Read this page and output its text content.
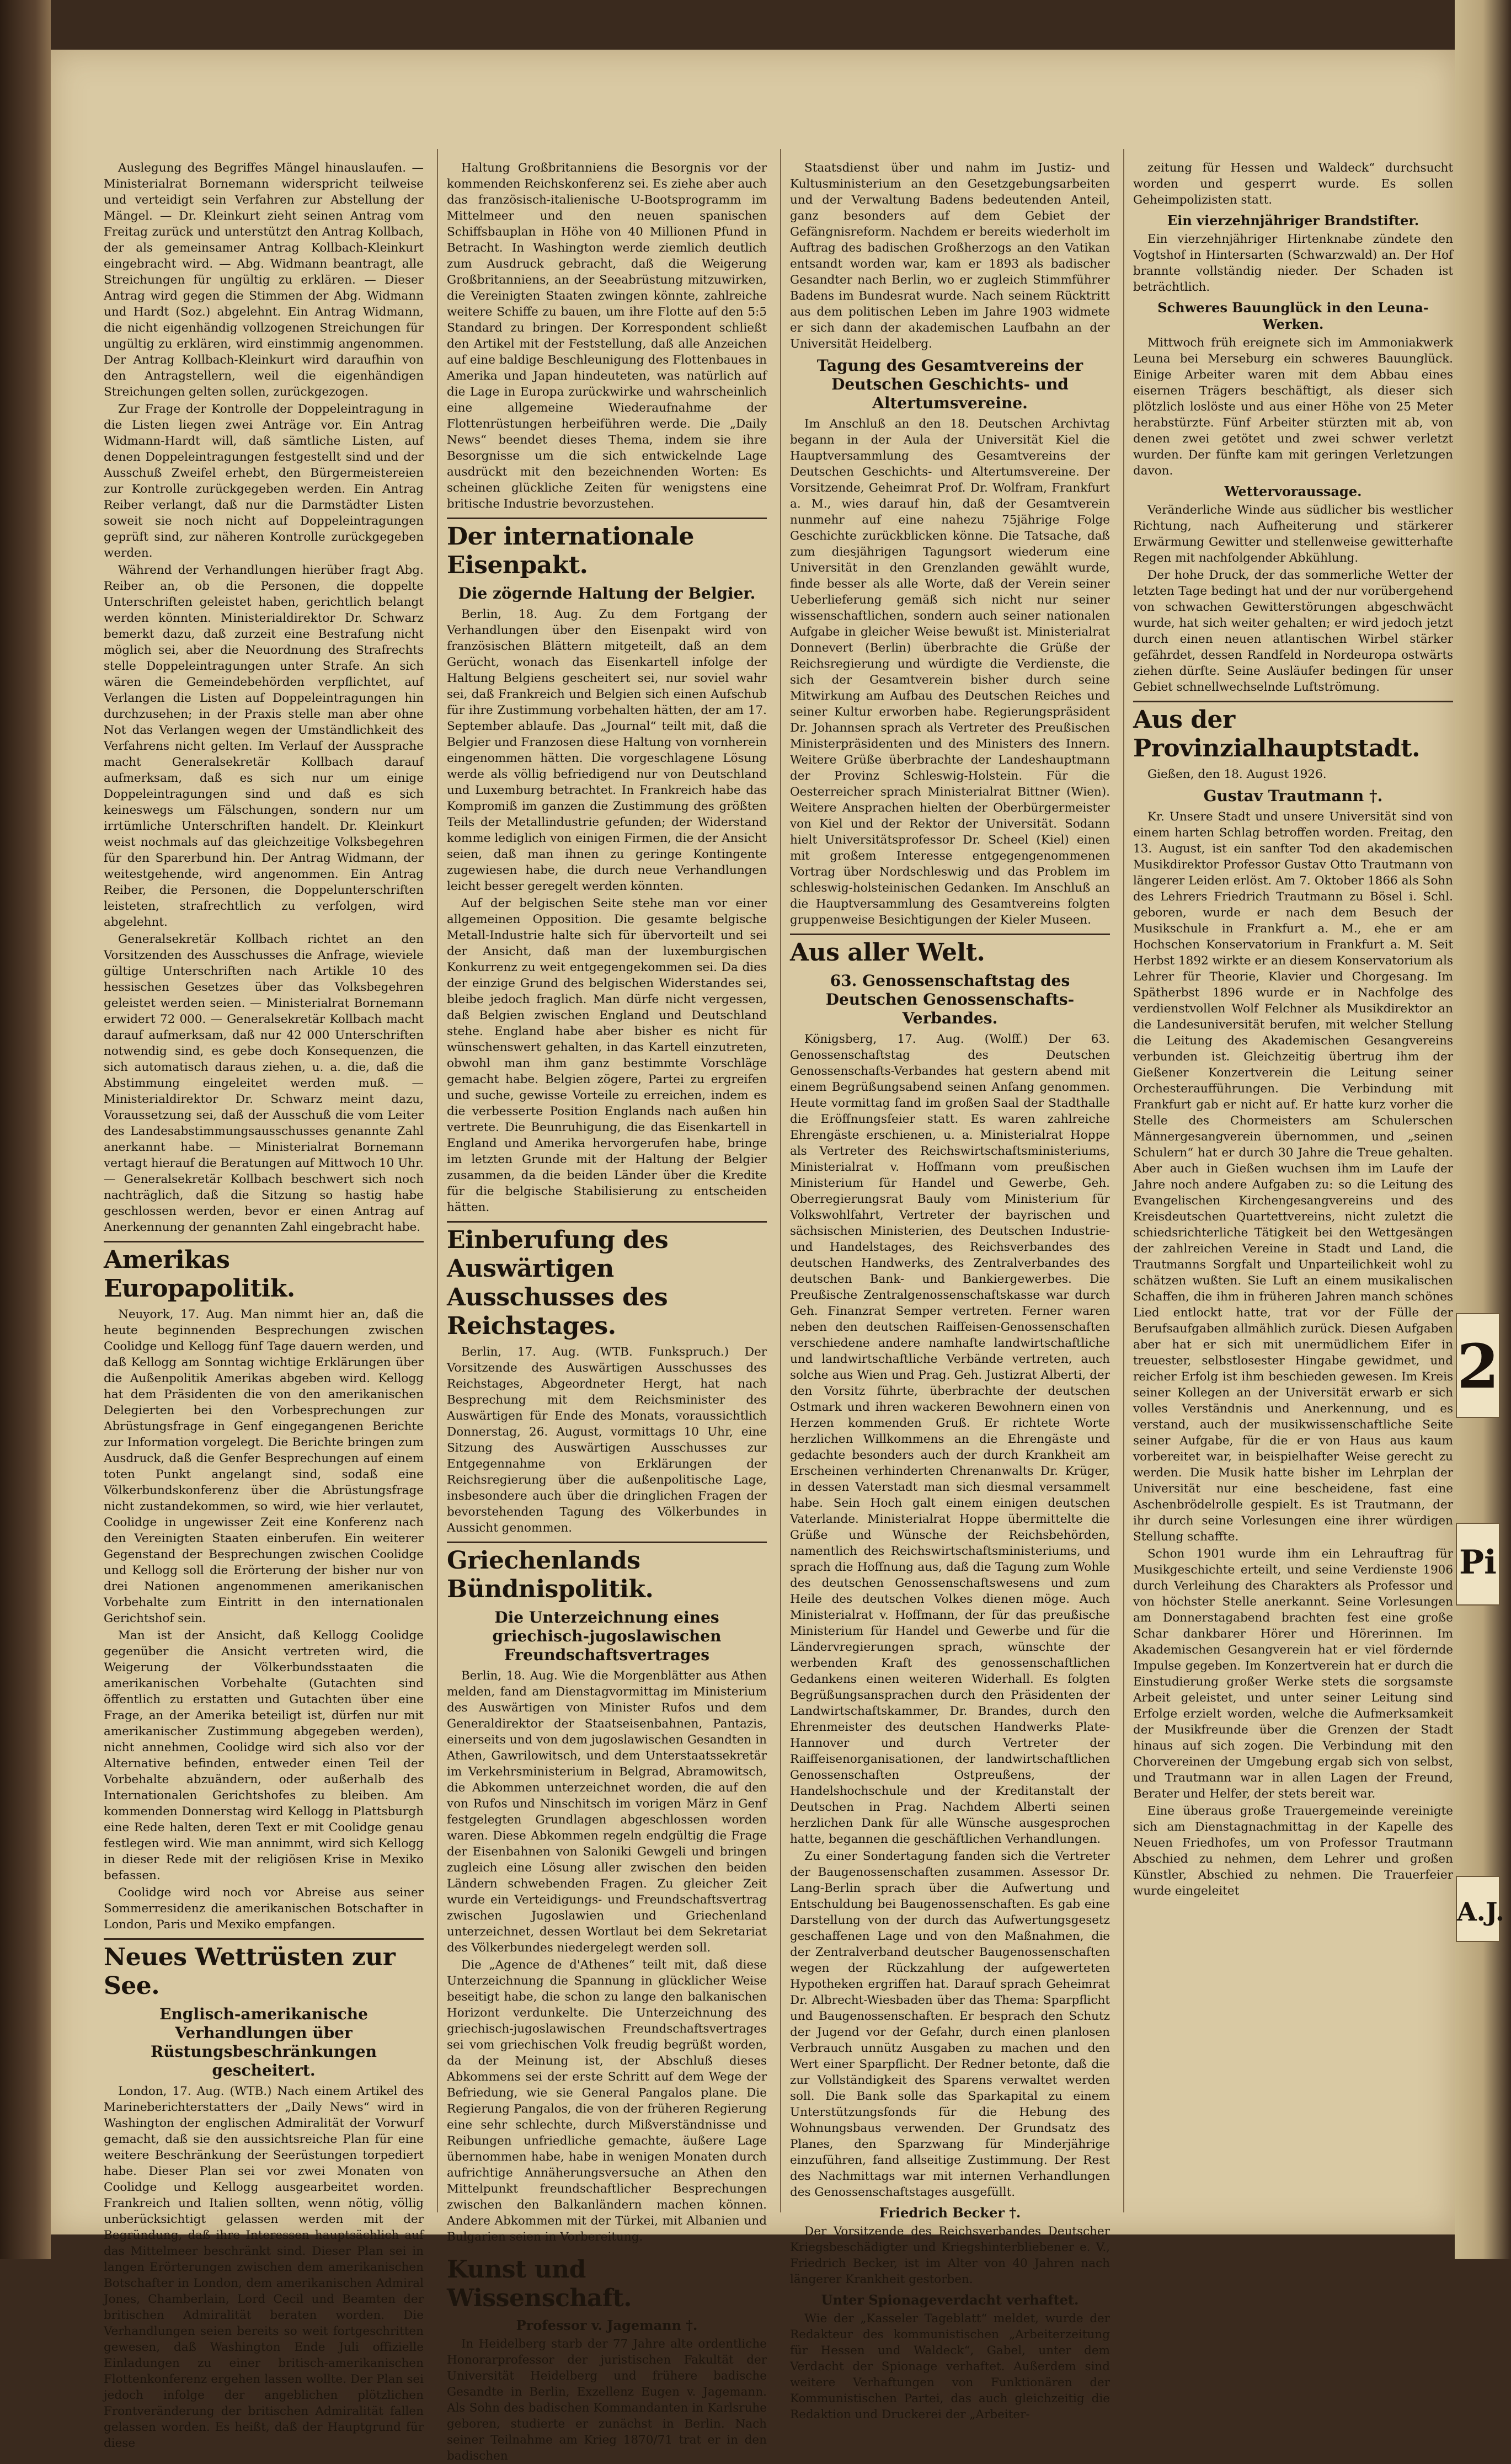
Auslegung des Begriffes Mängel hinauslaufen. — Ministerialrat Bornemann widerspricht teilweise und verteidigt sein Verfahren zur Abstellung der Mängel. — Dr. Kleinkurt zieht seinen Antrag vom Freitag zurück und unterstützt den Antrag Kollbach, der als gemeinsamer Antrag Kollbach-Kleinkurt eingebracht wird. — Abg. Widmann beantragt, alle Streichungen für ungültig zu erklären. — Dieser Antrag wird gegen die Stimmen der Abg. Widmann und Hardt (Soz.) abgelehnt. Ein Antrag Widmann, die nicht eigenhändig vollzogenen Streichungen für ungültig zu erklären, wird einstimmig angenommen. Der Antrag Kollbach-Kleinkurt wird daraufhin von den Antragstellern, weil die eigenhändigen Streichungen gelten sollen, zurückgezogen.

Zur Frage der Kontrolle der Doppeleintragung in die Listen liegen zwei Anträge vor. Ein Antrag Widmann-Hardt will, daß sämtliche Listen, auf denen Doppeleintragungen festgestellt sind und der Ausschuß Zweifel erhebt, den Bürgermeistereien zur Kontrolle zurückgegeben werden. Ein Antrag Reiber verlangt, daß nur die Darmstädter Listen soweit sie noch nicht auf Doppeleintragungen geprüft sind, zur näheren Kontrolle zurückgegeben werden.

Während der Verhandlungen hierüber fragt Abg. Reiber an, ob die Personen, die doppelte Unterschriften geleistet haben, gerichtlich belangt werden könnten. Ministerialdirektor Dr. Schwarz bemerkt dazu, daß zurzeit eine Bestrafung nicht möglich sei, aber die Neuordnung des Strafrechts stelle Doppeleintragungen unter Strafe. An sich wären die Gemeindebehörden verpflichtet, auf Verlangen die Listen auf Doppeleintragungen hin durchzusehen; in der Praxis stelle man aber ohne Not das Verlangen wegen der Umständlichkeit des Verfahrens nicht gelten. Im Verlauf der Aussprache macht Generalsekretär Kollbach darauf aufmerksam, daß es sich nur um einige Doppeleintragungen sind und daß es sich keineswegs um Fälschungen, sondern nur um irrtümliche Unterschriften handelt. Dr. Kleinkurt weist nochmals auf das gleichzeitige Volksbegehren für den Sparerbund hin. Der Antrag Widmann, der weitestgehende, wird angenommen. Ein Antrag Reiber, die Personen, die Doppelunterschriften leisteten, strafrechtlich zu verfolgen, wird abgelehnt.

Generalsekretär Kollbach richtet an den Vorsitzenden des Ausschusses die Anfrage, wieviele gültige Unterschriften nach Artikle 10 des hessischen Gesetzes über das Volksbegehren geleistet werden seien. — Ministerialrat Bornemann erwidert 72 000. — Generalsekretär Kollbach macht darauf aufmerksam, daß nur 42 000 Unterschriften notwendig sind, es gebe doch Konsequenzen, die sich automatisch daraus ziehen, u. a. die, daß die Abstimmung eingeleitet werden muß. — Ministerialdirektor Dr. Schwarz meint dazu, Voraussetzung sei, daß der Ausschuß die vom Leiter des Landesabstimmungsausschusses genannte Zahl anerkannt habe. — Ministerialrat Bornemann vertagt hierauf die Beratungen auf Mittwoch 10 Uhr. — Generalsekretär Kollbach beschwert sich noch nachträglich, daß die Sitzung so hastig habe geschlossen werden, bevor er einen Antrag auf Anerkennung der genannten Zahl eingebracht habe.

Amerikas Europapolitik.

Neuyork, 17. Aug. Man nimmt hier an, daß die heute beginnenden Besprechungen zwischen Coolidge und Kellogg fünf Tage dauern werden, und daß Kellogg am Sonntag wichtige Erklärungen über die Außenpolitik Amerikas abgeben wird. Kellogg hat dem Präsidenten die von den amerikanischen Delegierten bei den Vorbesprechungen zur Abrüstungsfrage in Genf eingegangenen Berichte zur Information vorgelegt. Die Berichte bringen zum Ausdruck, daß die Genfer Besprechungen auf einem toten Punkt angelangt sind, sodaß eine Völkerbundskonferenz über die Abrüstungsfrage nicht zustandekommen, so wird, wie hier verlautet, Coolidge in ungewisser Zeit eine Konferenz nach den Vereinigten Staaten einberufen. Ein weiterer Gegenstand der Besprechungen zwischen Coolidge und Kellogg soll die Erörterung der bisher nur von drei Nationen angenommenen amerikanischen Vorbehalte zum Eintritt in den internationalen Gerichtshof sein.

Man ist der Ansicht, daß Kellogg Coolidge gegenüber die Ansicht vertreten wird, die Weigerung der Völkerbundsstaaten die amerikanischen Vorbehalte (Gutachten sind öffentlich zu erstatten und Gutachten über eine Frage, an der Amerika beteiligt ist, dürfen nur mit amerikanischer Zustimmung abgegeben werden), nicht annehmen, Coolidge wird sich also vor der Alternative befinden, entweder einen Teil der Vorbehalte abzuändern, oder außerhalb des Internationalen Gerichtshofes zu bleiben. Am kommenden Donnerstag wird Kellogg in Plattsburgh eine Rede halten, deren Text er mit Coolidge genau festlegen wird. Wie man annimmt, wird sich Kellogg in dieser Rede mit der religiösen Krise in Mexiko befassen.

Coolidge wird noch vor Abreise aus seiner Sommerresidenz die amerikanischen Botschafter in London, Paris und Mexiko empfangen.

Neues Wettrüsten zur See.
Englisch-amerikanische Verhandlungen über Rüstungsbeschränkungen gescheitert.

London, 17. Aug. (WTB.) Nach einem Artikel des Marineberichterstatters der „Daily News“ wird in Washington der englischen Admiralität der Vorwurf gemacht, daß sie den aussichtsreiche Plan für eine weitere Beschränkung der Seerüstungen torpediert habe. Dieser Plan sei vor zwei Monaten von Coolidge und Kellogg ausgearbeitet worden. Frankreich und Italien sollten, wenn nötig, völlig unberücksichtigt gelassen werden mit der Begründung, daß ihre Interessen hauptsächlich auf das Mittelmeer beschränkt sind. Dieser Plan sei in langen Erörterungen zwischen dem amerikanischen Botschafter in London, dem amerikanischen Admiral Jones, Chamberlain, Lord Cecil und Beamten der britischen Admiralität beraten worden. Die Verhandlungen seien bereits so weit fortgeschritten gewesen, daß Washington Ende Juli offizielle Einladungen zu einer britisch-amerikanischen Flottenkonferenz ergehen lassen wollte. Der Plan sei jedoch infolge der angeblichen plötzlichen Frontveränderung der britischen Admiralität fallen gelassen worden. Es heißt, daß der Hauptgrund für diese

Haltung Großbritanniens die Besorgnis vor der kommenden Reichskonferenz sei. Es ziehe aber auch das französisch-italienische U-Bootsprogramm im Mittelmeer und den neuen spanischen Schiffsbauplan in Höhe von 40 Millionen Pfund in Betracht. In Washington werde ziemlich deutlich zum Ausdruck gebracht, daß die Weigerung Großbritanniens, an der Seeabrüstung mitzuwirken, die Vereinigten Staaten zwingen könnte, zahlreiche weitere Schiffe zu bauen, um ihre Flotte auf den 5:5 Standard zu bringen. Der Korrespondent schließt den Artikel mit der Feststellung, daß alle Anzeichen auf eine baldige Beschleunigung des Flottenbaues in Amerika und Japan hindeuteten, was natürlich auf die Lage in Europa zurückwirke und wahrscheinlich eine allgemeine Wiederaufnahme der Flottenrüstungen herbeiführen werde. Die „Daily News“ beendet dieses Thema, indem sie ihre Besorgnisse um die sich entwickelnde Lage ausdrückt mit den bezeichnenden Worten: Es scheinen glückliche Zeiten für wenigstens eine britische Industrie bevorzustehen.

Der internationale Eisenpakt.
Die zögernde Haltung der Belgier.

Berlin, 18. Aug. Zu dem Fortgang der Verhandlungen über den Eisenpakt wird von französischen Blättern mitgeteilt, daß an dem Gerücht, wonach das Eisenkartell infolge der Haltung Belgiens gescheitert sei, nur soviel wahr sei, daß Frankreich und Belgien sich einen Aufschub für ihre Zustimmung vorbehalten hätten, der am 17. September ablaufe. Das „Journal“ teilt mit, daß die Belgier und Franzosen diese Haltung von vornherein eingenommen hätten. Die vorgeschlagene Lösung werde als völlig befriedigend nur von Deutschland und Luxemburg betrachtet. In Frankreich habe das Kompromiß im ganzen die Zustimmung des größten Teils der Metallindustrie gefunden; der Widerstand komme lediglich von einigen Firmen, die der Ansicht seien, daß man ihnen zu geringe Kontingente zugewiesen habe, die durch neue Verhandlungen leicht besser geregelt werden könnten.

Auf der belgischen Seite stehe man vor einer allgemeinen Opposition. Die gesamte belgische Metall-Industrie halte sich für übervorteilt und sei der Ansicht, daß man der luxemburgischen Konkurrenz zu weit entgegengekommen sei. Da dies der einzige Grund des belgischen Widerstandes sei, bleibe jedoch fraglich. Man dürfe nicht vergessen, daß Belgien zwischen England und Deutschland stehe. England habe aber bisher es nicht für wünschenswert gehalten, in das Kartell einzutreten, obwohl man ihm ganz bestimmte Vorschläge gemacht habe. Belgien zögere, Partei zu ergreifen und suche, gewisse Vorteile zu erreichen, indem es die verbesserte Position Englands nach außen hin vertrete. Die Beunruhigung, die das Eisenkartell in England und Amerika hervorgerufen habe, bringe im letzten Grunde mit der Haltung der Belgier zusammen, da die beiden Länder über die Kredite für die belgische Stabilisierung zu entscheiden hätten.

Einberufung des Auswärtigen Ausschusses des Reichstages.

Berlin, 17. Aug. (WTB. Funkspruch.) Der Vorsitzende des Auswärtigen Ausschusses des Reichstages, Abgeordneter Hergt, hat nach Besprechung mit dem Reichsminister des Auswärtigen für Ende des Monats, voraussichtlich Donnerstag, 26. August, vormittags 10 Uhr, eine Sitzung des Auswärtigen Ausschusses zur Entgegennahme von Erklärungen der Reichsregierung über die außenpolitische Lage, insbesondere auch über die dringlichen Fragen der bevorstehenden Tagung des Völkerbundes in Aussicht genommen.

Griechenlands Bündnispolitik.
Die Unterzeichnung eines griechisch-jugoslawischen Freundschaftsvertrages

Berlin, 18. Aug. Wie die Morgenblätter aus Athen melden, fand am Dienstagvormittag im Ministerium des Auswärtigen von Minister Rufos und dem Generaldirektor der Staatseisenbahnen, Pantazis, einerseits und von dem jugoslawischen Gesandten in Athen, Gawrilowitsch, und dem Unterstaatssekretär im Verkehrsministerium in Belgrad, Abramowitsch, die Abkommen unterzeichnet worden, die auf den von Rufos und Ninschitsch im vorigen März in Genf festgelegten Grundlagen abgeschlossen worden waren. Diese Abkommen regeln endgültig die Frage der Eisenbahnen von Saloniki Gewgeli und bringen zugleich eine Lösung aller zwischen den beiden Ländern schwebenden Fragen. Zu gleicher Zeit wurde ein Verteidigungs- und Freundschaftsvertrag zwischen Jugoslawien und Griechenland unterzeichnet, dessen Wortlaut bei dem Sekretariat des Völkerbundes niedergelegt werden soll.

Die „Agence de d'Athenes“ teilt mit, daß diese Unterzeichnung die Spannung in glücklicher Weise beseitigt habe, die schon zu lange den balkanischen Horizont verdunkelte. Die Unterzeichnung des griechisch-jugoslawischen Freundschaftsvertrages sei vom griechischen Volk freudig begrüßt worden, da der Meinung ist, der Abschluß dieses Abkommens sei der erste Schritt auf dem Wege der Befriedung, wie sie General Pangalos plane. Die Regierung Pangalos, die von der früheren Regierung eine sehr schlechte, durch Mißverständnisse und Reibungen unfriedliche gemachte, äußere Lage übernommen habe, habe in wenigen Monaten durch aufrichtige Annäherungsversuche an Athen den Mittelpunkt freundschaftlicher Besprechungen zwischen den Balkanländern machen können. Andere Abkommen mit der Türkei, mit Albanien und Bulgarien seien in Vorbereitung.

Kunst und Wissenschaft.
Professor v. Jagemann †.

In Heidelberg starb der 77 Jahre alte ordentliche Honorarprofessor der juristischen Fakultät der Universität Heidelberg und frühere badische Gesandte in Berlin, Exzellenz Eugen v. Jagemann. Als Sohn des badischen Kommandanten in Karlsruhe geboren, studierte er zunächst in Berlin. Nach seiner Teilnahme am Krieg 1870/71 trat er in den badischen

Staatsdienst über und nahm im Justiz- und Kultusministerium an den Gesetzgebungsarbeiten und der Verwaltung Badens bedeutenden Anteil, ganz besonders auf dem Gebiet der Gefängnisreform. Nachdem er bereits wiederholt im Auftrag des badischen Großherzogs an den Vatikan entsandt worden war, kam er 1893 als badischer Gesandter nach Berlin, wo er zugleich Stimmführer Badens im Bundesrat wurde. Nach seinem Rücktritt aus dem politischen Leben im Jahre 1903 widmete er sich dann der akademischen Laufbahn an der Universität Heidelberg.

Tagung des Gesamtvereins der Deutschen Geschichts- und Altertumsvereine.

Im Anschluß an den 18. Deutschen Archivtag begann in der Aula der Universität Kiel die Hauptversammlung des Gesamtvereins der Deutschen Geschichts- und Altertumsvereine. Der Vorsitzende, Geheimrat Prof. Dr. Wolfram, Frankfurt a. M., wies darauf hin, daß der Gesamtverein nunmehr auf eine nahezu 75jährige Folge Geschichte zurückblicken könne. Die Tatsache, daß zum diesjährigen Tagungsort wiederum eine Universität in den Grenzlanden gewählt wurde, finde besser als alle Worte, daß der Verein seiner Ueberlieferung gemäß sich nicht nur seiner wissenschaftlichen, sondern auch seiner nationalen Aufgabe in gleicher Weise bewußt ist. Ministerialrat Donnevert (Berlin) überbrachte die Grüße der Reichsregierung und würdigte die Verdienste, die sich der Gesamtverein bisher durch seine Mitwirkung am Aufbau des Deutschen Reiches und seiner Kultur erworben habe. Regierungspräsident Dr. Johannsen sprach als Vertreter des Preußischen Ministerpräsidenten und des Ministers des Innern. Weitere Grüße überbrachte der Landeshauptmann der Provinz Schleswig-Holstein. Für die Oesterreicher sprach Ministerialrat Bittner (Wien). Weitere Ansprachen hielten der Oberbürgermeister von Kiel und der Rektor der Universität. Sodann hielt Universitätsprofessor Dr. Scheel (Kiel) einen mit großem Interesse entgegengenommenen Vortrag über Nordschleswig und das Problem im schleswig-holsteinischen Gedanken. Im Anschluß an die Hauptversammlung des Gesamtvereins folgten gruppenweise Besichtigungen der Kieler Museen.

Aus aller Welt.
63. Genossenschaftstag des Deutschen Genossenschafts-Verbandes.

Königsberg, 17. Aug. (Wolff.) Der 63. Genossenschaftstag des Deutschen Genossenschafts-Verbandes hat gestern abend mit einem Begrüßungsabend seinen Anfang genommen. Heute vormittag fand im großen Saal der Stadthalle die Eröffnungsfeier statt. Es waren zahlreiche Ehrengäste erschienen, u. a. Ministerialrat Hoppe als Vertreter des Reichswirtschaftsministeriums, Ministerialrat v. Hoffmann vom preußischen Ministerium für Handel und Gewerbe, Geh. Oberregierungsrat Bauly vom Ministerium für Volkswohlfahrt, Vertreter der bayrischen und sächsischen Ministerien, des Deutschen Industrie- und Handelstages, des Reichsverbandes des deutschen Handwerks, des Zentralverbandes des deutschen Bank- und Bankiergewerbes. Die Preußische Zentralgenossenschaftskasse war durch Geh. Finanzrat Semper vertreten. Ferner waren neben den deutschen Raiffeisen-Genossenschaften verschiedene andere namhafte landwirtschaftliche und landwirtschaftliche Verbände vertreten, auch solche aus Wien und Prag. Geh. Justizrat Alberti, der den Vorsitz führte, überbrachte der deutschen Ostmark und ihren wackeren Bewohnern einen von Herzen kommenden Gruß. Er richtete Worte herzlichen Willkommens an die Ehrengäste und gedachte besonders auch der durch Krankheit am Erscheinen verhinderten Chrenanwalts Dr. Krüger, in dessen Vaterstadt man sich diesmal versammelt habe. Sein Hoch galt einem einigen deutschen Vaterlande. Ministerialrat Hoppe übermittelte die Grüße und Wünsche der Reichsbehörden, namentlich des Reichswirtschaftsministeriums, und sprach die Hoffnung aus, daß die Tagung zum Wohle des deutschen Genossenschaftswesens und zum Heile des deutschen Volkes dienen möge. Auch Ministerialrat v. Hoffmann, der für das preußische Ministerium für Handel und Gewerbe und für die Ländervregierungen sprach, wünschte der werbenden Kraft des genossenschaftlichen Gedankens einen weiteren Widerhall. Es folgten Begrüßungsansprachen durch den Präsidenten der Landwirtschaftskammer, Dr. Brandes, durch den Ehrenmeister des deutschen Handwerks Plate-Hannover und durch Vertreter der Raiffeisenorganisationen, der landwirtschaftlichen Genossenschaften Ostpreußens, der Handelshochschule und der Kreditanstalt der Deutschen in Prag. Nachdem Alberti seinen herzlichen Dank für alle Wünsche ausgesprochen hatte, begannen die geschäftlichen Verhandlungen.

Zu einer Sondertagung fanden sich die Vertreter der Baugenossenschaften zusammen. Assessor Dr. Lang-Berlin sprach über die Aufwertung und Entschuldung bei Baugenossenschaften. Es gab eine Darstellung von der durch das Aufwertungsgesetz geschaffenen Lage und von den Maßnahmen, die der Zentralverband deutscher Baugenossenschaften wegen der Rückzahlung der aufgewerteten Hypotheken ergriffen hat. Darauf sprach Geheimrat Dr. Albrecht-Wiesbaden über das Thema: Sparpflicht und Baugenossenschaften. Er besprach den Schutz der Jugend vor der Gefahr, durch einen planlosen Verbrauch unnütz Ausgaben zu machen und den Wert einer Sparpflicht. Der Redner betonte, daß die zur Vollständigkeit des Sparens verwaltet werden soll. Die Bank solle das Sparkapital zu einem Unterstützungsfonds für die Hebung des Wohnungsbaus verwenden. Der Grundsatz des Planes, den Sparzwang für Minderjährige einzuführen, fand allseitige Zustimmung. Der Rest des Nachmittags war mit internen Verhandlungen des Genossenschaftstages ausgefüllt.

Friedrich Becker †.

Der Vorsitzende des Reichsverbandes Deutscher Kriegsbeschädigter und Kriegshinterbliebener e. V., Friedrich Becker, ist im Alter von 40 Jahren nach längerer Krankheit gestorben.

Unter Spionageverdacht verhaftet.

Wie der „Kasseler Tageblatt“ meldet, wurde der Redakteur des kommunistischen „Arbeiterzeitung für Hessen und Waldeck“, Gabel, unter dem Verdacht der Spionage verhaftet. Außerdem sind weitere Verhaftungen von Funktionären der Kommunistischen Partei, das auch gleichzeitig die Redaktion und Druckerei der „Arbeiter-

zeitung für Hessen und Waldeck“ durchsucht worden und gesperrt wurde. Es sollen Geheimpolizisten statt.

Ein vierzehnjähriger Brandstifter.

Ein vierzehnjähriger Hirtenknabe zündete den Vogtshof in Hintersarten (Schwarzwald) an. Der Hof brannte vollständig nieder. Der Schaden ist beträchtlich.

Schweres Bauunglück in den Leuna-Werken.

Mittwoch früh ereignete sich im Ammoniakwerk Leuna bei Merseburg ein schweres Bauunglück. Einige Arbeiter waren mit dem Abbau eines eisernen Trägers beschäftigt, als dieser sich plötzlich loslöste und aus einer Höhe von 25 Meter herabstürzte. Fünf Arbeiter stürzten mit ab, von denen zwei getötet und zwei schwer verletzt wurden. Der fünfte kam mit geringen Verletzungen davon.

Wettervoraussage.

Veränderliche Winde aus südlicher bis westlicher Richtung, nach Aufheiterung und stärkerer Erwärmung Gewitter und stellenweise gewitterhafte Regen mit nachfolgender Abkühlung.

Der hohe Druck, der das sommerliche Wetter der letzten Tage bedingt hat und der nur vorübergehend von schwachen Gewitterstörungen abgeschwächt wurde, hat sich weiter gehalten; er wird jedoch jetzt durch einen neuen atlantischen Wirbel stärker gefährdet, dessen Randfeld in Nordeuropa ostwärts ziehen dürfte. Seine Ausläufer bedingen für unser Gebiet schnellwechselnde Luftströmung.

Aus der Provinzialhauptstadt.

Gießen, den 18. August 1926.

Gustav Trautmann †.

Kr. Unsere Stadt und unsere Universität sind von einem harten Schlag betroffen worden. Freitag, den 13. August, ist ein sanfter Tod den akademischen Musikdirektor Professor Gustav Otto Trautmann von längerer Leiden erlöst. Am 7. Oktober 1866 als Sohn des Lehrers Friedrich Trautmann zu Bösel i. Schl. geboren, wurde er nach dem Besuch der Musikschule in Frankfurt a. M., ehe er am Hochschen Konservatorium in Frankfurt a. M. Seit Herbst 1892 wirkte er an diesem Konservatorium als Lehrer für Theorie, Klavier und Chorgesang. Im Spätherbst 1896 wurde er in Nachfolge des verdienstvollen Wolf Felchner als Musikdirektor an die Landesuniversität berufen, mit welcher Stellung die Leitung des Akademischen Gesangvereins verbunden ist. Gleichzeitig übertrug ihm der Gießener Konzertverein die Leitung seiner Orchesteraufführungen. Die Verbindung mit Frankfurt gab er nicht auf. Er hatte kurz vorher die Stelle des Chormeisters am Schulerschen Männergesangverein übernommen, und „seinen Schulern“ hat er durch 30 Jahre die Treue gehalten. Aber auch in Gießen wuchsen ihm im Laufe der Jahre noch andere Aufgaben zu: so die Leitung des Evangelischen Kirchengesangvereins und des Kreisdeutschen Quartettvereins, nicht zuletzt die schiedsrichterliche Tätigkeit bei den Wettgesängen der zahlreichen Vereine in Stadt und Land, die Trautmanns Sorgfalt und Unparteilichkeit wohl zu schätzen wußten. Sie Luft an einem musikalischen Schaffen, die ihm in früheren Jahren manch schönes Lied entlockt hatte, trat vor der Fülle der Berufsaufgaben allmählich zurück. Diesen Aufgaben aber hat er sich mit unermüdlichem Eifer in treuester, selbstlosester Hingabe gewidmet, und reicher Erfolg ist ihm beschieden gewesen. Im Kreis seiner Kollegen an der Universität erwarb er sich volles Verständnis und Anerkennung, und es verstand, auch der musikwissenschaftliche Seite seiner Aufgabe, für die er von Haus aus kaum vorbereitet war, in beispielhafter Weise gerecht zu werden. Die Musik hatte bisher im Lehrplan der Universität nur eine bescheidene, fast eine Aschenbrödelrolle gespielt. Es ist Trautmann, der ihr durch seine Vorlesungen eine ihrer würdigen Stellung schaffte.

Schon 1901 wurde ihm ein Lehrauftrag für Musikgeschichte erteilt, und seine Verdienste 1906 durch Verleihung des Charakters als Professor und von höchster Stelle anerkannt. Seine Vorlesungen am Donnerstagabend brachten fest eine große Schar dankbarer Hörer und Hörerinnen. Im Akademischen Gesangverein hat er viel fördernde Impulse gegeben. Im Konzertverein hat er durch die Einstudierung großer Werke stets die sorgsamste Arbeit geleistet, und unter seiner Leitung sind Erfolge erzielt worden, welche die Aufmerksamkeit der Musikfreunde über die Grenzen der Stadt hinaus auf sich zogen. Die Verbindung mit den Chorvereinen der Umgebung ergab sich von selbst, und Trautmann war in allen Lagen der Freund, Berater und Helfer, der stets bereit war.

Eine überaus große Trauergemeinde vereinigte sich am Dienstagnachmittag in der Kapelle des Neuen Friedhofes, um von Professor Trautmann Abschied zu nehmen, dem Lehrer und großen Künstler, Abschied zu nehmen. Die Trauerfeier wurde eingeleitet

2
Pi
A.J.
